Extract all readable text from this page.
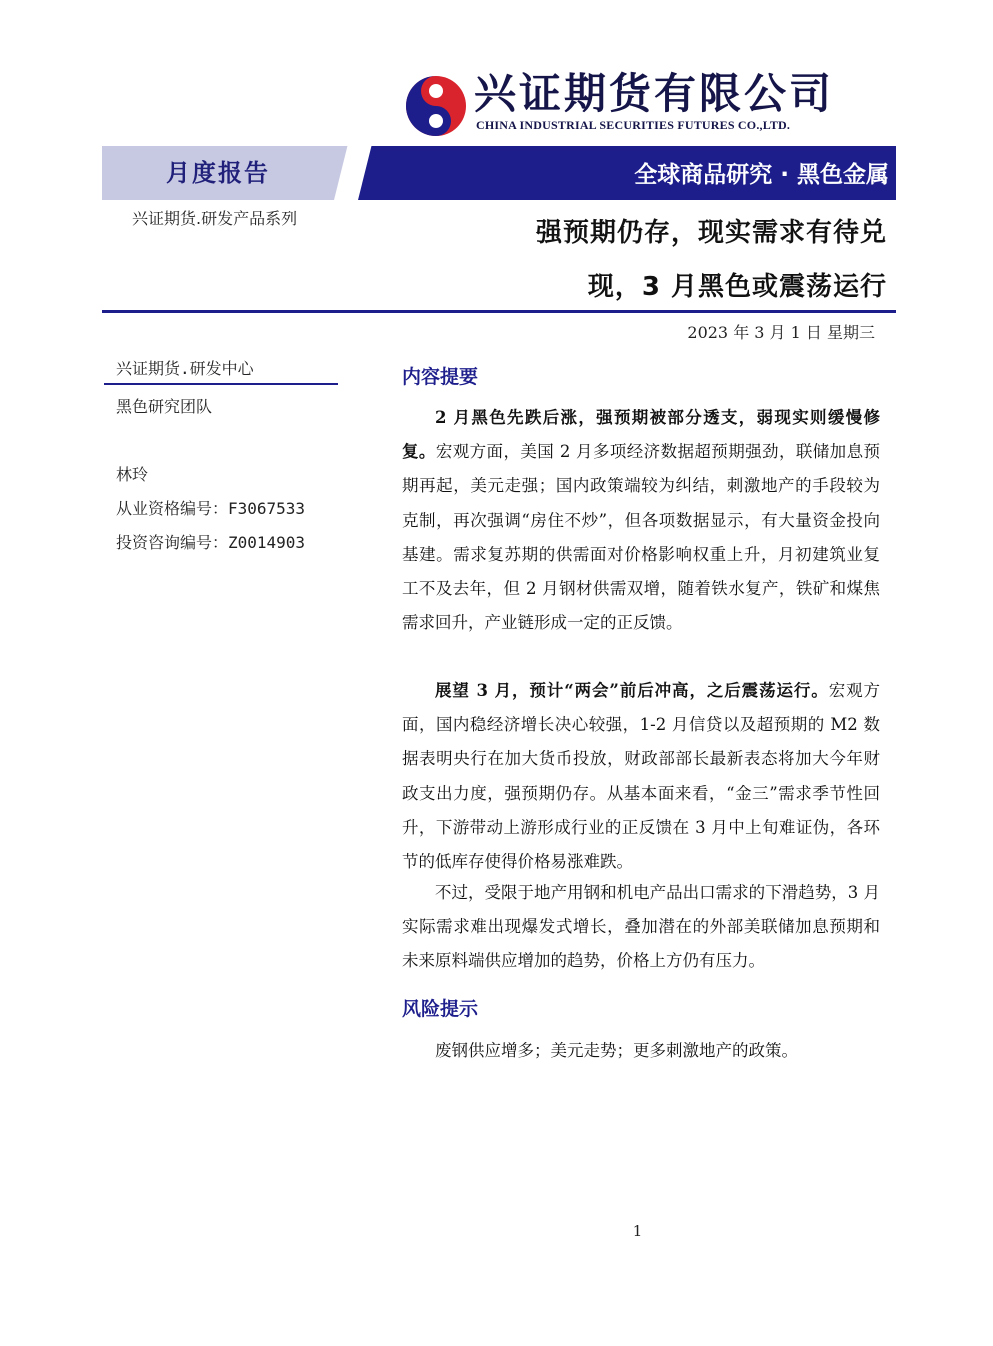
兴证期货有限公司
CHINA INDUSTRIAL SECURITIES FUTURES CO.,LTD.
月度报告	全球商品研究 · 黑色金属
兴证期货.研发产品系列	强预期仍存，现实需求有待兑
现，3 月黑色或震荡运行
2023 年 3 月 1 日 星期三
兴证期货.研发中心
黑色研究团队
林玲
从业资格编号：F3067533
投资咨询编号：Z0014903
内容提要
2 月黑色先跌后涨，强预期被部分透支，弱现实则缓慢修复。宏观方面，美国 2 月多项经济数据超预期强劲，联储加息预期再起，美元走强；国内政策端较为纠结，刺激地产的手段较为克制，再次强调“房住不炒”，但各项数据显示，有大量资金投向基建。需求复苏期的供需面对价格影响权重上升，月初建筑业复工不及去年，但 2 月钢材供需双增，随着铁水复产，铁矿和煤焦需求回升，产业链形成一定的正反馈。
展望 3 月，预计“两会”前后冲高，之后震荡运行。宏观方面，国内稳经济增长决心较强，1-2 月信贷以及超预期的 M2 数据表明央行在加大货币投放，财政部部长最新表态将加大今年财政支出力度，强预期仍存。从基本面来看，“金三”需求季节性回升，下游带动上游形成行业的正反馈在 3 月中上旬难证伪，各环节的低库存使得价格易涨难跌。
不过，受限于地产用钢和机电产品出口需求的下滑趋势，3 月实际需求难出现爆发式增长，叠加潜在的外部美联储加息预期和未来原料端供应增加的趋势，价格上方仍有压力。
风险提示
废钢供应增多；美元走势；更多刺激地产的政策。
1
